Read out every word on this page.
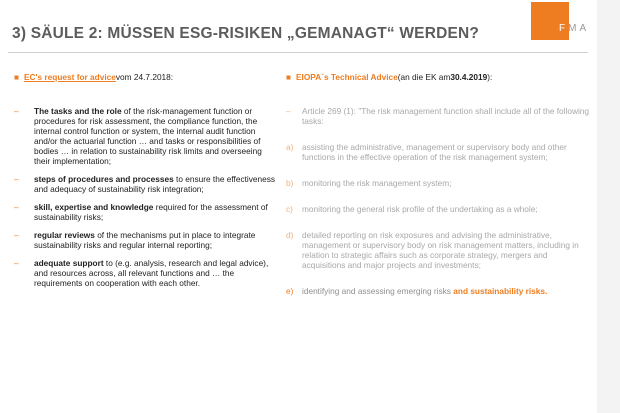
3) SÄULE 2: MÜSSEN ESG-RISIKEN „GEMANAGT“ WERDEN?	FMA
■ EC's request for advice vom 24.7.2018:
–	The tasks and the role of the risk-management function or procedures for risk assessment, the compliance function, the internal control function or system, the internal audit function and/or the actuarial function … and tasks or responsibilities of bodies … in relation to sustainability risk limits and overseeing their implementation;
–	steps of procedures and processes to ensure the effectiveness and adequacy of sustainability risk integration;
–	skill, expertise and knowledge required for the assessment of sustainability risks;
–	regular reviews of the mechanisms put in place to integrate sustainability risks and regular internal reporting;
–	adequate support to (e.g. analysis, research and legal advice), and resources across, all relevant functions and … the requirements on cooperation with each other.
■ EIOPA`s Technical Advice (an die EK am 30.4.2019 ):
–	Article 269 (1): "The risk management function shall include all of the following tasks:
a)	assisting the administrative, management or supervisory body and other functions in the effective operation of the risk management system;
b)	monitoring the risk management system;
c)	monitoring the general risk profile of the undertaking as a whole;
d)	detailed reporting on risk exposures and advising the administrative, management or supervisory body on risk management matters, including in relation to strategic affairs such as corporate strategy, mergers and acquisitions and major projects and investments;
e)	identifying and assessing emerging risks and sustainability risks.
